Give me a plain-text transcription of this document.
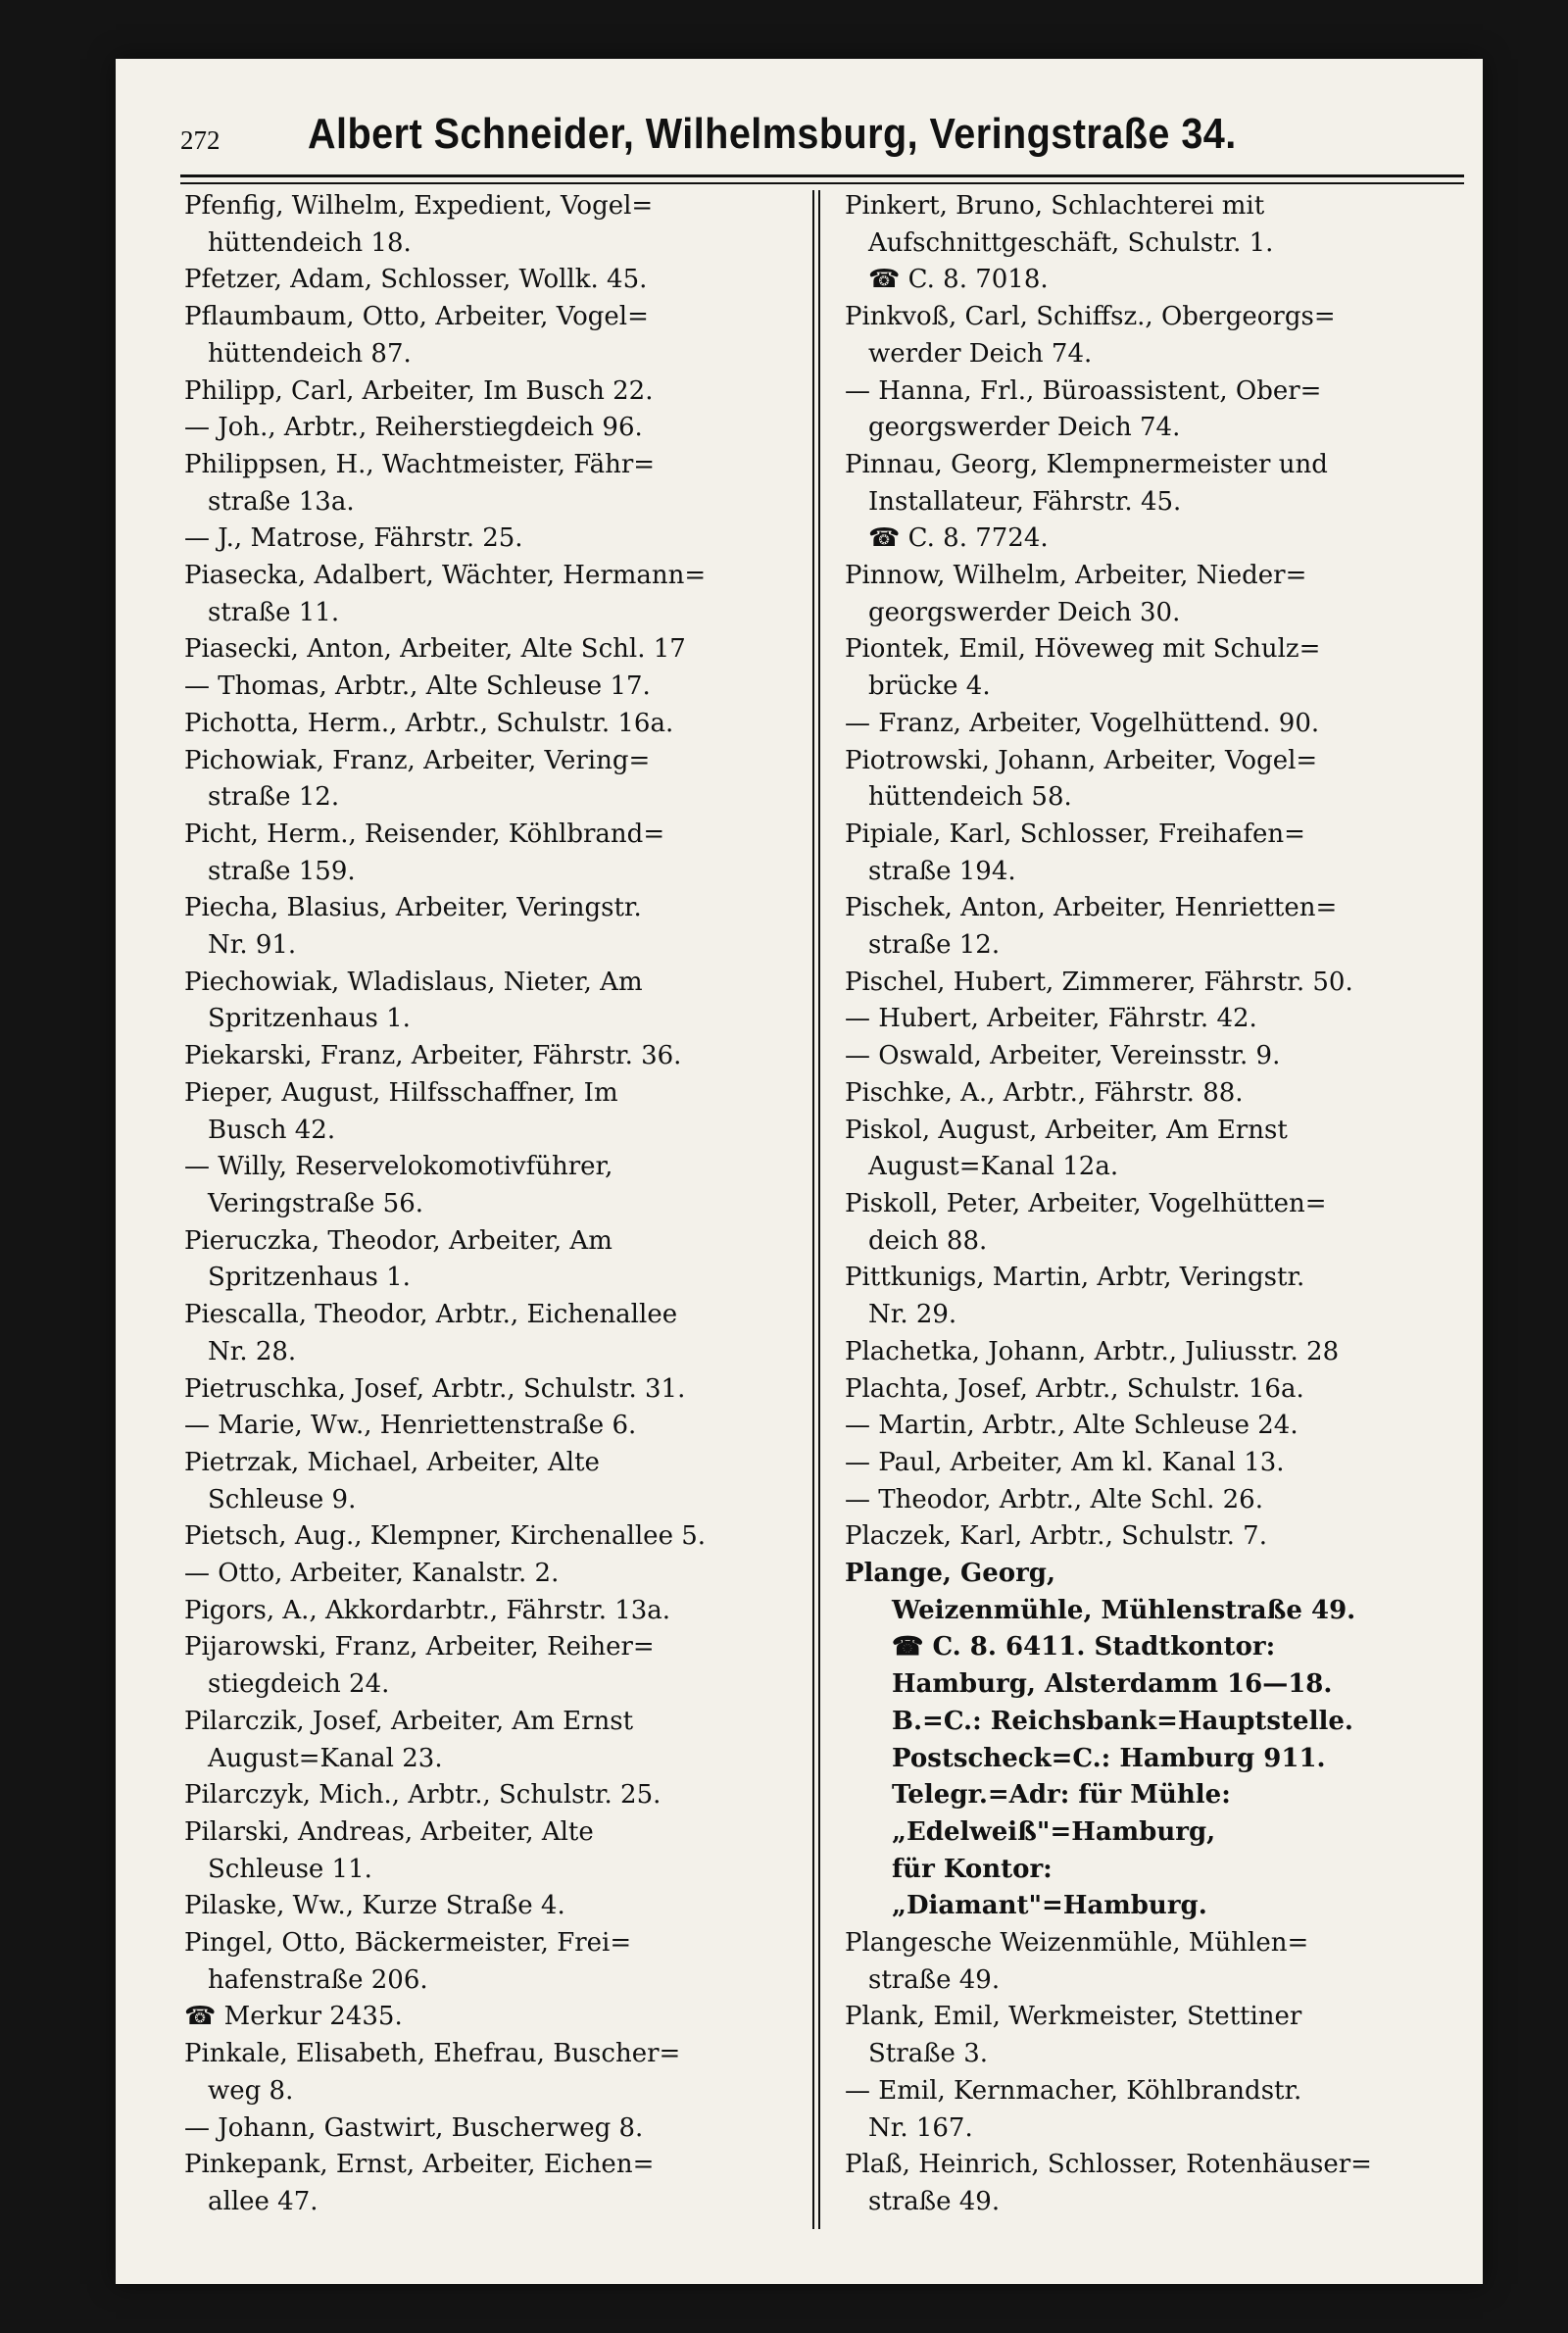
272 Albert Schneider, Wilhelmsburg, Veringstraße 34.
Pfenfig, Wilhelm, Expedient, Vogel=
hüttendeich 18.
Pfetzer, Adam, Schlosser, Wollk. 45.
Pflaumbaum, Otto, Arbeiter, Vogel=
hüttendeich 87.
Philipp, Carl, Arbeiter, Im Busch 22.
— Joh., Arbtr., Reiherstiegdeich 96.
Philippsen, H., Wachtmeister, Fähr=
straße 13a.
— J., Matrose, Fährstr. 25.
Piasecka, Adalbert, Wächter, Hermann=
straße 11.
Piasecki, Anton, Arbeiter, Alte Schl. 17
— Thomas, Arbtr., Alte Schleuse 17.
Pichotta, Herm., Arbtr., Schulstr. 16a.
Pichowiak, Franz, Arbeiter, Vering=
straße 12.
Picht, Herm., Reisender, Köhlbrand=
straße 159.
Piecha, Blasius, Arbeiter, Veringstr.
Nr. 91.
Piechowiak, Wladislaus, Nieter, Am
Spritzenhaus 1.
Piekarski, Franz, Arbeiter, Fährstr. 36.
Pieper, August, Hilfsschaffner, Im
Busch 42.
— Willy, Reservelokomotivführer,
Veringstraße 56.
Pieruczka, Theodor, Arbeiter, Am
Spritzenhaus 1.
Piescalla, Theodor, Arbtr., Eichenallee
Nr. 28.
Pietruschka, Josef, Arbtr., Schulstr. 31.
— Marie, Ww., Henriettenstraße 6.
Pietrzak, Michael, Arbeiter, Alte
Schleuse 9.
Pietsch, Aug., Klempner, Kirchenallee 5.
— Otto, Arbeiter, Kanalstr. 2.
Pigors, A., Akkordarbtr., Fährstr. 13a.
Pijarowski, Franz, Arbeiter, Reiher=
stiegdeich 24.
Pilarczik, Josef, Arbeiter, Am Ernst
August=Kanal 23.
Pilarczyk, Mich., Arbtr., Schulstr. 25.
Pilarski, Andreas, Arbeiter, Alte
Schleuse 11.
Pilaske, Ww., Kurze Straße 4.
Pingel, Otto, Bäckermeister, Frei=
hafenstraße 206.
☎ Merkur 2435.
Pinkale, Elisabeth, Ehefrau, Buscher=
weg 8.
— Johann, Gastwirt, Buscherweg 8.
Pinkepank, Ernst, Arbeiter, Eichen=
allee 47.
Pinkert, Bruno, Schlachterei mit
Aufschnittgeschäft, Schulstr. 1.
☎ C. 8. 7018.
Pinkvoß, Carl, Schiffsz., Obergeorgs=
werder Deich 74.
— Hanna, Frl., Büroassistent, Ober=
georgswerder Deich 74.
Pinnau, Georg, Klempnermeister und
Installateur, Fährstr. 45.
☎ C. 8. 7724.
Pinnow, Wilhelm, Arbeiter, Nieder=
georgswerder Deich 30.
Piontek, Emil, Höveweg mit Schulz=
brücke 4.
— Franz, Arbeiter, Vogelhüttend. 90.
Piotrowski, Johann, Arbeiter, Vogel=
hüttendeich 58.
Pipiale, Karl, Schlosser, Freihafen=
straße 194.
Pischek, Anton, Arbeiter, Henrietten=
straße 12.
Pischel, Hubert, Zimmerer, Fährstr. 50.
— Hubert, Arbeiter, Fährstr. 42.
— Oswald, Arbeiter, Vereinsstr. 9.
Pischke, A., Arbtr., Fährstr. 88.
Piskol, August, Arbeiter, Am Ernst
August=Kanal 12a.
Piskoll, Peter, Arbeiter, Vogelhütten=
deich 88.
Pittkunigs, Martin, Arbtr, Veringstr.
Nr. 29.
Plachetka, Johann, Arbtr., Juliusstr. 28
Plachta, Josef, Arbtr., Schulstr. 16a.
— Martin, Arbtr., Alte Schleuse 24.
— Paul, Arbeiter, Am kl. Kanal 13.
— Theodor, Arbtr., Alte Schl. 26.
Placzek, Karl, Arbtr., Schulstr. 7.
Plange, Georg,
Weizenmühle, Mühlenstraße 49.
☎ C. 8. 6411. Stadtkontor:
Hamburg, Alsterdamm 16—18.
B.=C.: Reichsbank=Hauptstelle.
Postscheck=C.: Hamburg 911.
Telegr.=Adr: für Mühle:
„Edelweiß"=Hamburg,
für Kontor:
„Diamant"=Hamburg.
Plangesche Weizenmühle, Mühlen=
straße 49.
Plank, Emil, Werkmeister, Stettiner
Straße 3.
— Emil, Kernmacher, Köhlbrandstr.
Nr. 167.
Plaß, Heinrich, Schlosser, Rotenhäuser=
straße 49.
